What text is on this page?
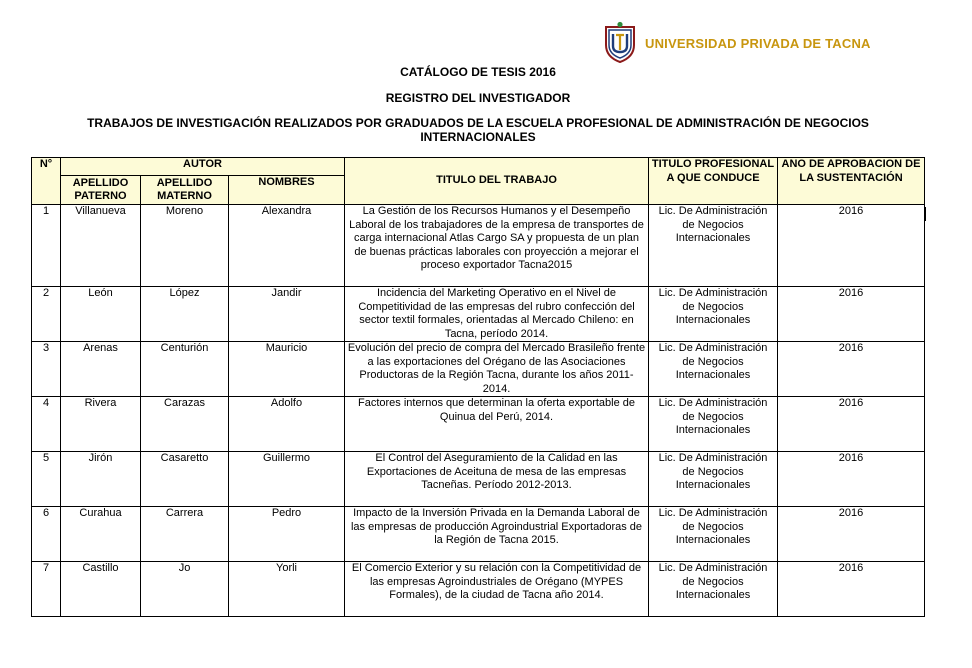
UNIVERSIDAD PRIVADA DE TACNA
CATÁLOGO DE TESIS 2016
REGISTRO DEL INVESTIGADOR
TRABAJOS DE INVESTIGACIÓN REALIZADOS POR GRADUADOS DE LA ESCUELA PROFESIONAL DE ADMINISTRACIÓN DE NEGOCIOS INTERNACIONALES
N°	AUTOR			TITULO DEL TRABAJO	TITULO PROFESIONAL A QUE CONDUCE	ANO DE APROBACION DE LA SUSTENTACIÓN
	APELLIDO PATERNO	APELLIDO MATERNO	NOMBRES			
1	Villanueva	Moreno	Alexandra	La Gestión de los Recursos Humanos y el Desempeño Laboral de los trabajadores de la empresa de transportes de carga internacional Atlas Cargo SA y propuesta de un plan de buenas prácticas laborales con proyección a mejorar el proceso exportador Tacna2015	Lic. De Administración de Negocios Internacionales	2016
2	León	López	Jandir	Incidencia del Marketing Operativo en el Nivel de Competitividad de las empresas del rubro confección del sector textil formales, orientadas al Mercado Chileno: en Tacna, período 2014.	Lic. De Administración de Negocios Internacionales	2016
3	Arenas	Centurión	Mauricio	Evolución del precio de compra del Mercado Brasileño frente a las exportaciones del Orégano de las Asociaciones Productoras de la Región Tacna, durante los años 2011-2014.	Lic. De Administración de Negocios Internacionales	2016
4	Rivera	Carazas	Adolfo	Factores internos que determinan la oferta exportable de Quinua del Perú, 2014.	Lic. De Administración de Negocios Internacionales	2016
5	Jirón	Casaretto	Guillermo	El Control del Aseguramiento de la Calidad en las Exportaciones de Aceituna de mesa de las empresas Tacneñas. Período 2012-2013.	Lic. De Administración de Negocios Internacionales	2016
6	Curahua	Carrera	Pedro	Impacto de la Inversión Privada en la Demanda Laboral de las empresas de producción Agroindustrial Exportadoras de la Región de Tacna 2015.	Lic. De Administración de Negocios Internacionales	2016
7	Castillo	Jo	Yorli	El Comercio Exterior y su relación con la Competitividad de las empresas Agroindustriales de Orégano (MYPES Formales), de la ciudad de Tacna año 2014.	Lic. De Administración de Negocios Internacionales	2016
